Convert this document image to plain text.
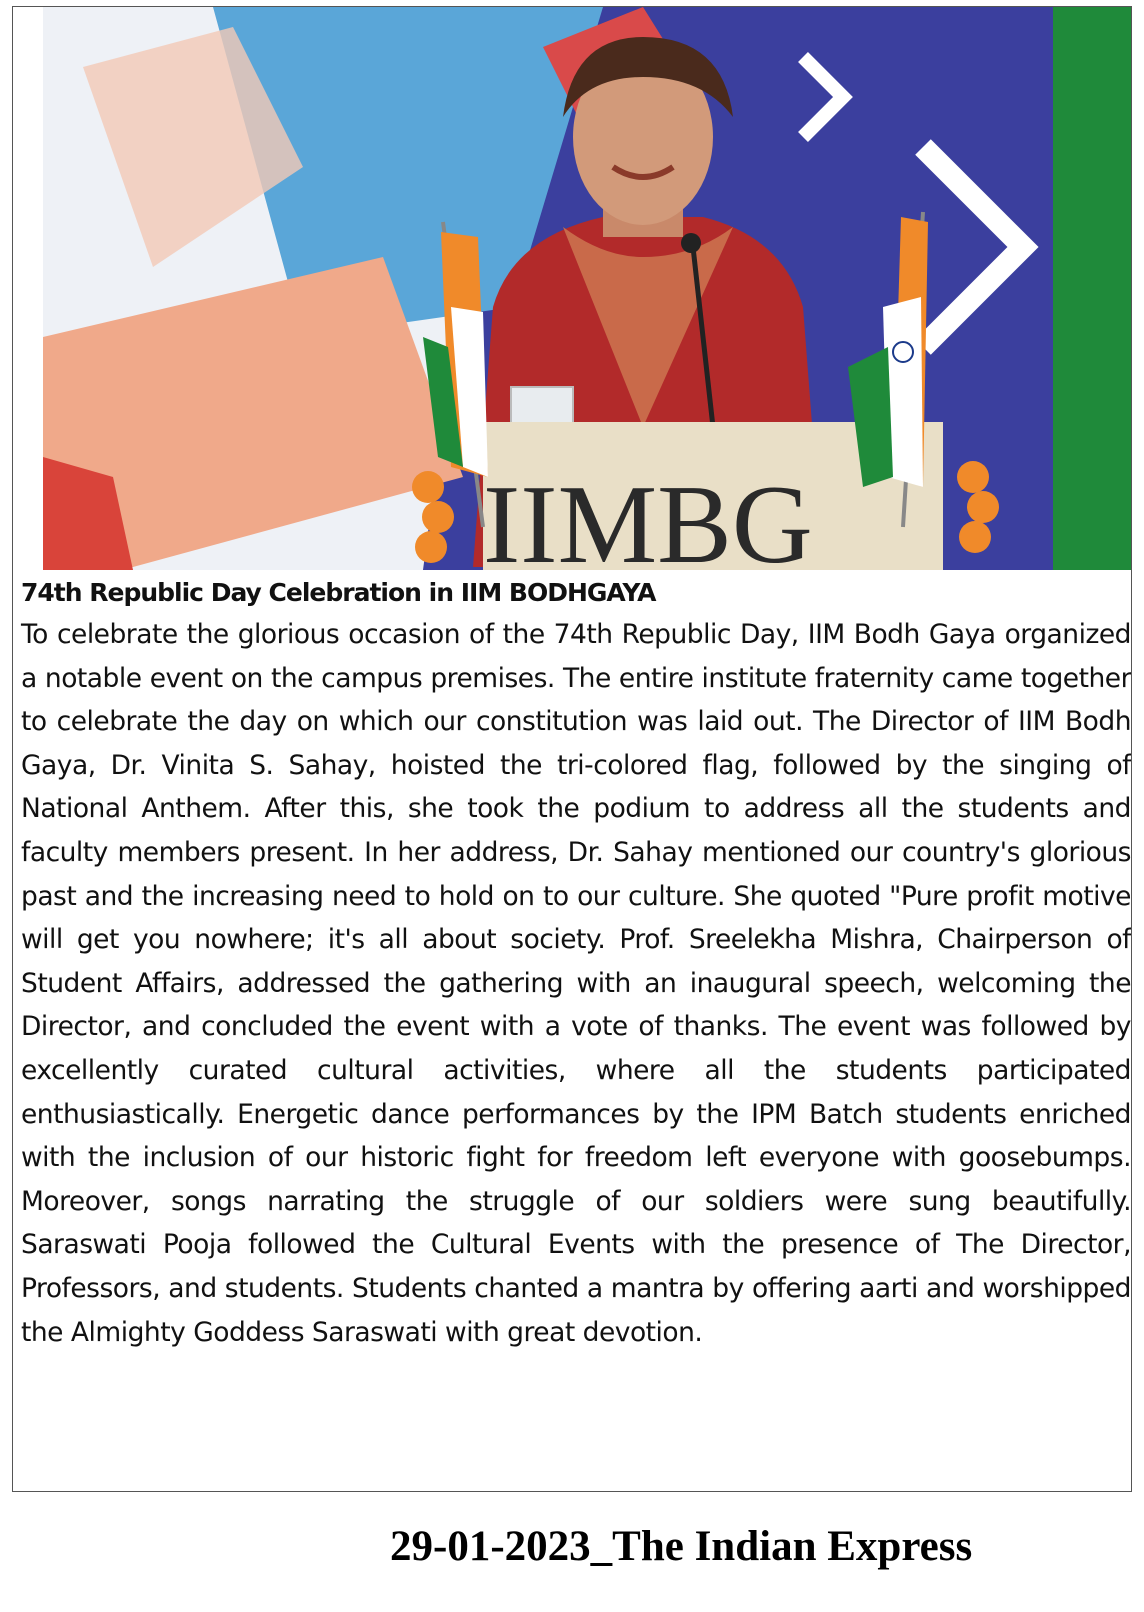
IIMBG
74th Republic Day Celebration in IIM BODHGAYA
To celebrate the glorious occasion of the 74th Republic Day, IIM Bodh Gaya organized a notable event on the campus premises. The entire institute fraternity came together to celebrate the day on which our constitution was laid out. The Director of IIM Bodh Gaya, Dr. Vinita S. Sahay, hoisted the tri-colored flag, followed by the singing of National Anthem. After this, she took the podium to address all the students and faculty members present. In her address, Dr. Sahay mentioned our country's glorious past and the increasing need to hold on to our culture. She quoted "Pure profit motive will get you nowhere; it's all about society. Prof. Sreelekha Mishra, Chairperson of Student Affairs, addressed the gathering with an inaugural speech, welcoming the Director, and concluded the event with a vote of thanks. The event was followed by excellently curated cultural activities, where all the students participated enthusiastically. Energetic dance performances by the IPM Batch students enriched with the inclusion of our historic fight for freedom left everyone with goosebumps. Moreover, songs narrating the struggle of our soldiers were sung beautifully. Saraswati Pooja followed the Cultural Events with the presence of The Director, Professors, and students. Students chanted a mantra by offering aarti and worshipped the Almighty Goddess Saraswati with great devotion.
29-01-2023_The Indian Express
